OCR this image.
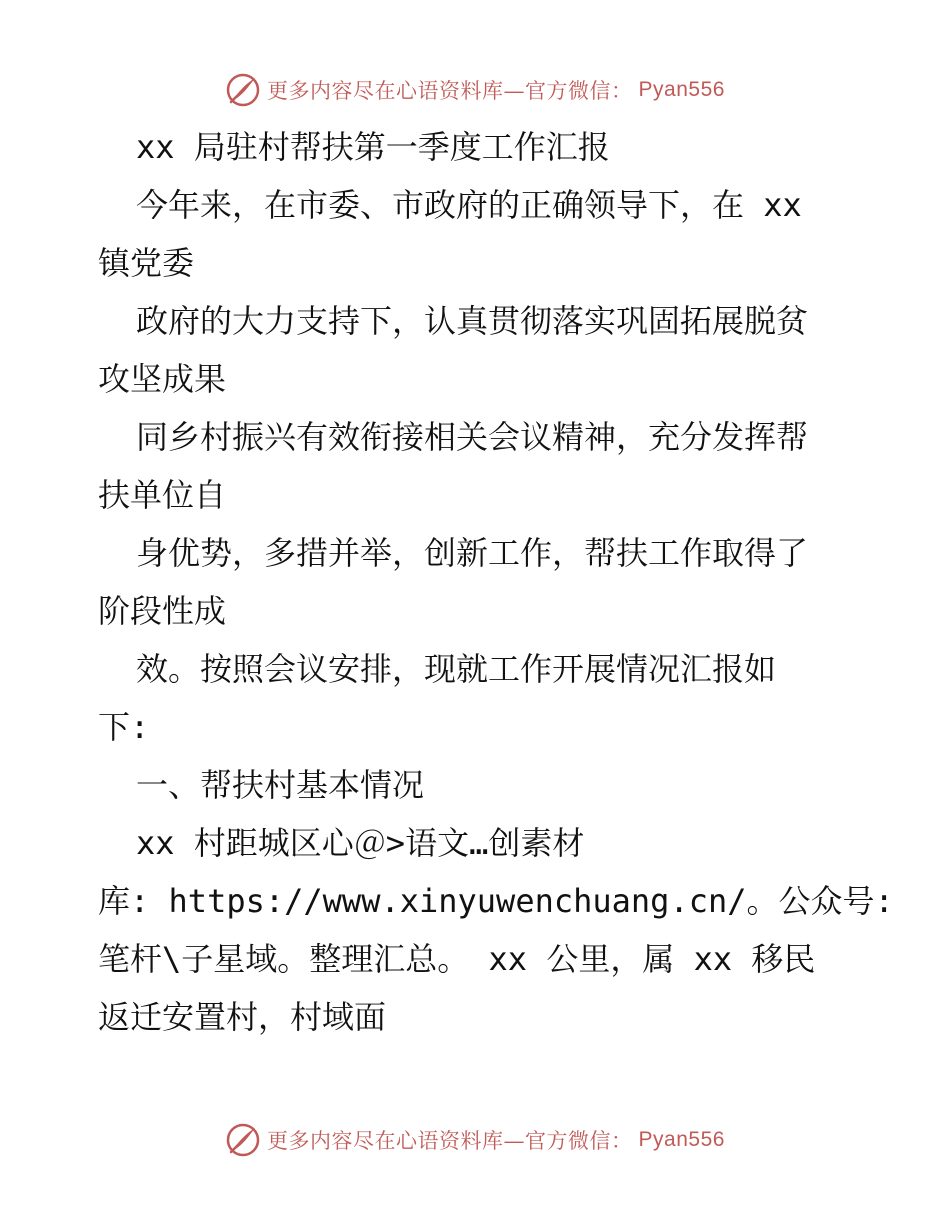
更多内容尽在心语资料库—官方微信： Pyan556
xx 局驻村帮扶第一季度工作汇报
今年来，在市委、市政府的正确领导下，在 xx
镇党委
政府的大力支持下，认真贯彻落实巩固拓展脱贫
攻坚成果
同乡村振兴有效衔接相关会议精神，充分发挥帮
扶单位自
身优势，多措并举，创新工作，帮扶工作取得了
阶段性成
效。按照会议安排，现就工作开展情况汇报如
下:
一、帮扶村基本情况
xx 村距城区心＠>语文…创素材
库: https://www.xinyuwenchuang.cn/。公众号:
笔杆\子星域。整理汇总。 xx 公里，属 xx 移民
返迁安置村，村域面
更多内容尽在心语资料库—官方微信： Pyan556
